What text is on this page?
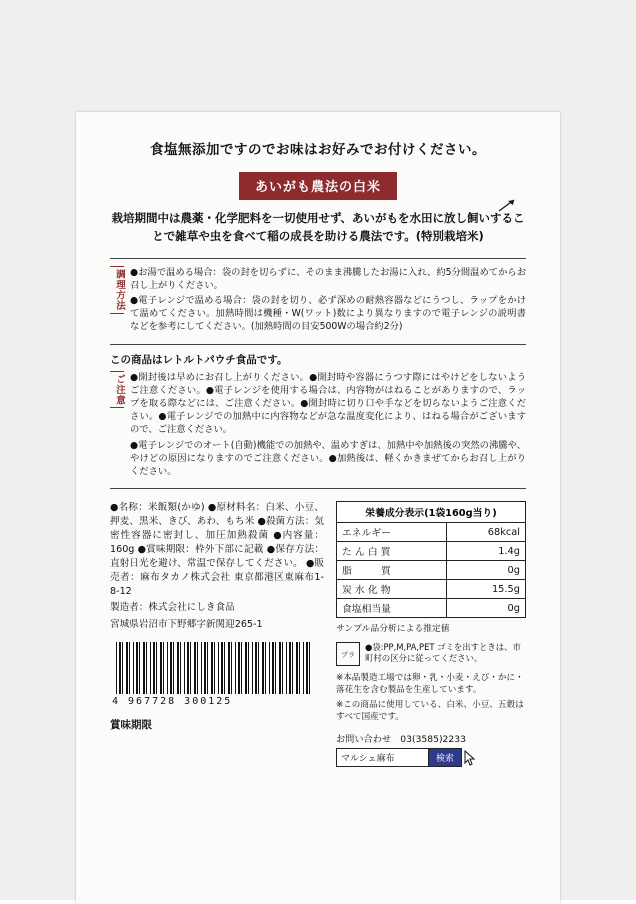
食塩無添加ですのでお味はお好みでお付けください。
あいがも農法の白米
栽培期間中は農薬・化学肥料を一切使用せず、あいがもを水田に放し飼いすることで雑草や虫を食べて稲の成長を助ける農法です。(特別栽培米)
調理方法 ●お湯で温める場合：袋の封を切らずに、そのまま沸騰したお湯に入れ、約5分間温めてからお召し上がりください。

●電子レンジで温める場合：袋の封を切り、必ず深めの耐熱容器などにうつし、ラップをかけて温めてください。加熱時間は機種・W(ワット)数により異なりますので電子レンジの説明書などを参考にしてください。(加熱時間の目安500Wの場合約2分)

この商品はレトルトパウチ食品です。
ご注意 ●開封後は早めにお召し上がりください。●開封時や容器にうつす際にはやけどをしないようご注意ください。●電子レンジを使用する場合は、内容物がはねることがありますので、ラップを取る際などには、ご注意ください。●開封時に切り口や手などを切らないようご注意ください。●電子レンジでの加熱中に内容物などが急な温度変化により、はねる場合がございますので、ご注意ください。

●電子レンジでのオート(自動)機能での加熱や、温めすぎは、加熱中や加熱後の突然の沸騰や、やけどの原因になりますのでご注意ください。●加熱後は、軽くかきまぜてからお召し上がりください。

●名称：米飯類(かゆ) ●原材料名：白米、小豆、押麦、黒米、きび、あわ、もち米 ●殺菌方法：気密性容器に密封し、加圧加熱殺菌 ●内容量：160g ●賞味期限：枠外下部に記載 ●保存方法：直射日光を避け、常温で保存してください。 ●販売者：麻布タカノ株式会社 東京都港区東麻布1-8-12

製造者：株式会社にしき食品

宮城県岩沼市下野郷字新関迎265-1

4 967728 300125
賞味期限
栄養成分表示(1袋160g当り)
エネルギー	68kcal
た ん 白 質	1.4g
脂　　　質	0g
炭 水 化 物	15.5g
食塩相当量	0g
サンプル品分析による推定値
プラ
●袋:PP,M,PA,PET ゴミを出すときは、市町村の区分に従ってください。

※本品製造工場では卵・乳・小麦・えび・かに・落花生を含む製品を生産しています。

※この商品に使用している、白米、小豆、五穀はすべて国産です。

お問い合わせ　03(3585)2233
マルシェ麻布	検索
